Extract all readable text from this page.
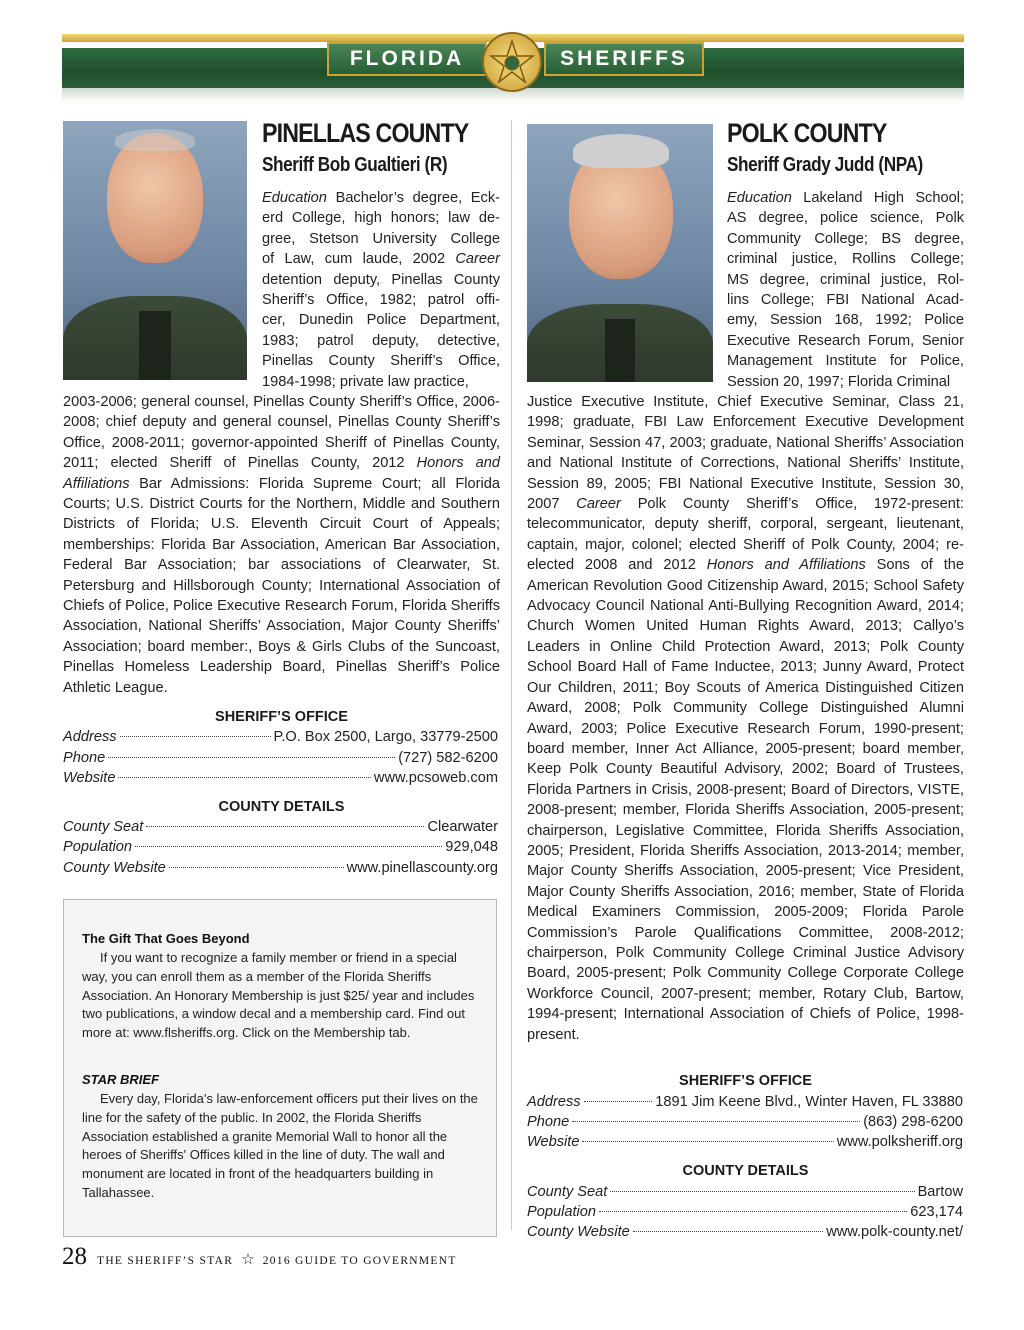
FLORIDA	SHERIFFS
PINELLAS COUNTY
Sheriff Bob Gualtieri (R)
Education Bachelor’s degree, Eck-
erd College, high honors; law de-
gree, Stetson University College
of Law, cum laude, 2002 Career
detention deputy, Pinellas County
Sheriff’s Office, 1982; patrol offi-
cer, Dunedin Police Department,
1983; patrol deputy, detective,
Pinellas County Sheriff’s Office,
1984-1998; private law practice,
2003-2006; general counsel, Pinellas County Sheriff’s Office, 2006-2008; chief deputy and general counsel, Pinellas County Sheriff’s Office, 2008-2011; governor-appointed Sheriff of Pinellas County, 2011; elected Sheriff of Pinellas County, 2012 Honors and Affiliations Bar Admissions: Florida Supreme Court; all Florida Courts; U.S. District Courts for the Northern, Middle and Southern Districts of Florida; U.S. Eleventh Circuit Court of Appeals; memberships: Florida Bar Association, American Bar Association, Federal Bar Association; bar associations of Clearwater, St. Petersburg and Hillsborough County; International Association of Chiefs of Police, Police Executive Research Forum, Florida Sheriffs Association, National Sheriffs’ Association, Major County Sheriffs’ Association; board member:, Boys & Girls Clubs of the Suncoast, Pinellas Homeless Leadership Board, Pinellas Sheriff’s Police Athletic League.
SHERIFF’S OFFICE
Address	P.O. Box 2500, Largo, 33779-2500
Phone	(727) 582-6200
Website	www.pcsoweb.com
COUNTY DETAILS
County Seat	Clearwater
Population	929,048
County Website	www.pinellascounty.org
POLK COUNTY
Sheriff Grady Judd (NPA)
Education Lakeland High School;
AS degree, police science, Polk
Community College; BS degree,
criminal justice, Rollins College;
MS degree, criminal justice, Rol-
lins College; FBI National Acad-
emy, Session 168, 1992; Police
Executive Research Forum, Senior
Management Institute for Police,
Session 20, 1997; Florida Criminal
Justice Executive Institute, Chief Executive Seminar, Class 21, 1998; graduate, FBI Law Enforcement Executive Development Seminar, Session 47, 2003; graduate, National Sheriffs’ Association and National Institute of Corrections, National Sheriffs’ Institute, Session 89, 2005; FBI National Executive Institute, Session 30, 2007 Career Polk County Sheriff’s Office, 1972-present: telecommunicator, deputy sheriff, corporal, sergeant, lieutenant, captain, major, colonel; elected Sheriff of Polk County, 2004; re-elected 2008 and 2012 Honors and Affiliations Sons of the American Revolution Good Citizenship Award, 2015; School Safety Advocacy Council National Anti-Bullying Recognition Award, 2014; Church Women United Human Rights Award, 2013; Callyo’s Leaders in Online Child Protection Award, 2013; Polk County School Board Hall of Fame Inductee, 2013; Junny Award, Protect Our Children, 2011; Boy Scouts of America Distinguished Citizen Award, 2008; Polk Community College Distinguished Alumni Award, 2003; Police Executive Research Forum, 1990-present; board member, Inner Act Alliance, 2005-present; board member, Keep Polk County Beautiful Advisory, 2002; Board of Trustees, Florida Partners in Crisis, 2008-present; Board of Directors, VISTE, 2008-present; member, Florida Sheriffs Association, 2005-present; chairperson, Legislative Committee, Florida Sheriffs Association, 2005; President, Florida Sheriffs Association, 2013-2014; member, Major County Sheriffs Association, 2005-present; Vice President, Major County Sheriffs Association, 2016; member, State of Florida Medical Examiners Commission, 2005-2009; Florida Parole Commission’s Parole Qualifications Committee, 2008-2012; chairperson, Polk Community College Criminal Justice Advisory Board, 2005-present; Polk Community College Corporate College Workforce Council, 2007-present; member, Rotary Club, Bartow, 1994-present; International Association of Chiefs of Police, 1998-present.
SHERIFF’S OFFICE
Address	1891 Jim Keene Blvd., Winter Haven, FL 33880
Phone	(863) 298-6200
Website	www.polksheriff.org
COUNTY DETAILS
County Seat	Bartow
Population	623,174
County Website	www.polk-county.net/
The Gift That Goes Beyond
If you want to recognize a family member or friend in a special way, you can enroll them as a member of the Florida Sheriffs Association. An Honorary Membership is just $25/ year and includes two publications, a window decal and a membership card. Find out more at: www.flsheriffs.org. Click on the Membership tab.
STAR BRIEF
Every day, Florida’s law-enforcement officers put their lives on the line for the safety of the public. In 2002, the Florida Sheriffs Association established a granite Memorial Wall to honor all the heroes of Sheriffs' Offices killed in the line of duty. The wall and monument are located in front of the headquarters building in Tallahassee.
28 THE SHERIFF’S STAR ☆ 2016 GUIDE TO GOVERNMENT
